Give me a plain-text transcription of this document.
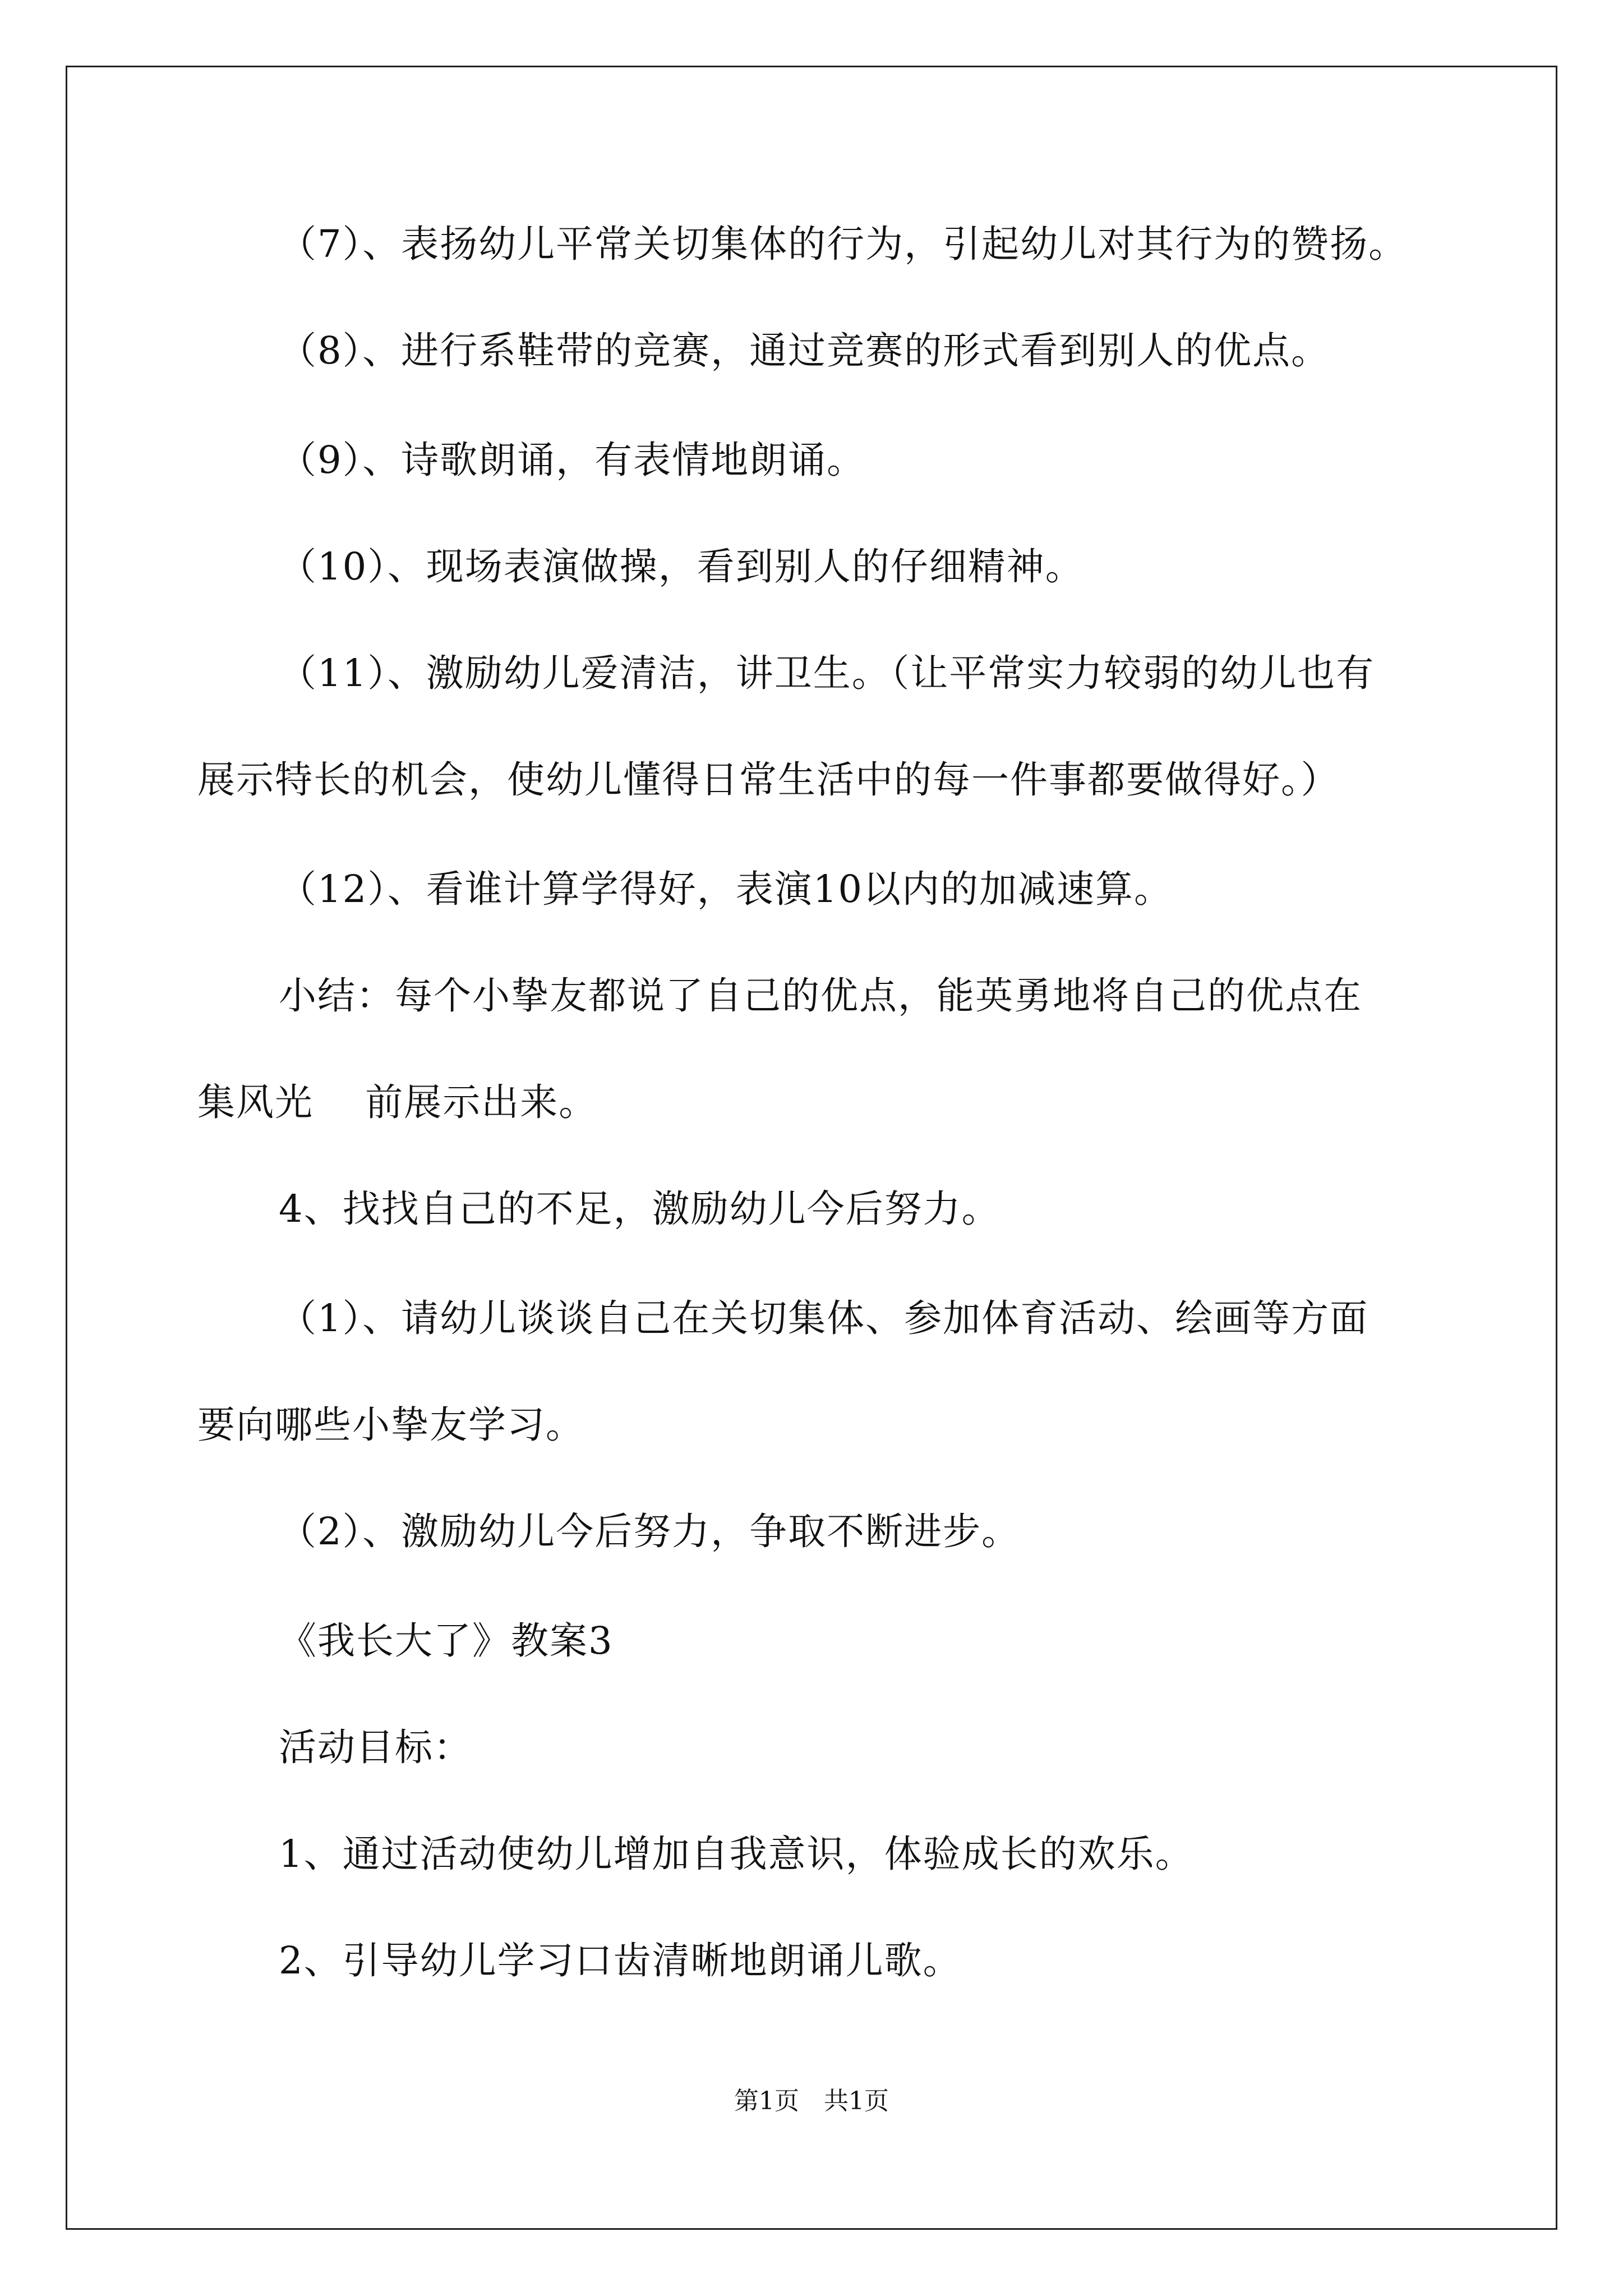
（7）、表扬幼儿平常关切集体的行为，引起幼儿对其行为的赞扬。
（8）、进行系鞋带的竞赛，通过竞赛的形式看到别人的优点。
（9）、诗歌朗诵，有表情地朗诵。
（10）、现场表演做操，看到别人的仔细精神。
（11）、激励幼儿爱清洁，讲卫生。（让平常实力较弱的幼儿也有
展示特长的机会，使幼儿懂得日常生活中的每一件事都要做得好。）
（12）、看谁计算学得好，表演10以内的加减速算。
小结：每个小挚友都说了自己的优点，能英勇地将自己的优点在
集风光　 前展示出来。
4、找找自己的不足，激励幼儿今后努力。
（1）、请幼儿谈谈自己在关切集体、参加体育活动、绘画等方面
要向哪些小挚友学习。
（2）、激励幼儿今后努力，争取不断进步。
《我长大了》教案3
活动目标：
1、通过活动使幼儿增加自我意识，体验成长的欢乐。
2、引导幼儿学习口齿清晰地朗诵儿歌。
第1页　共1页
